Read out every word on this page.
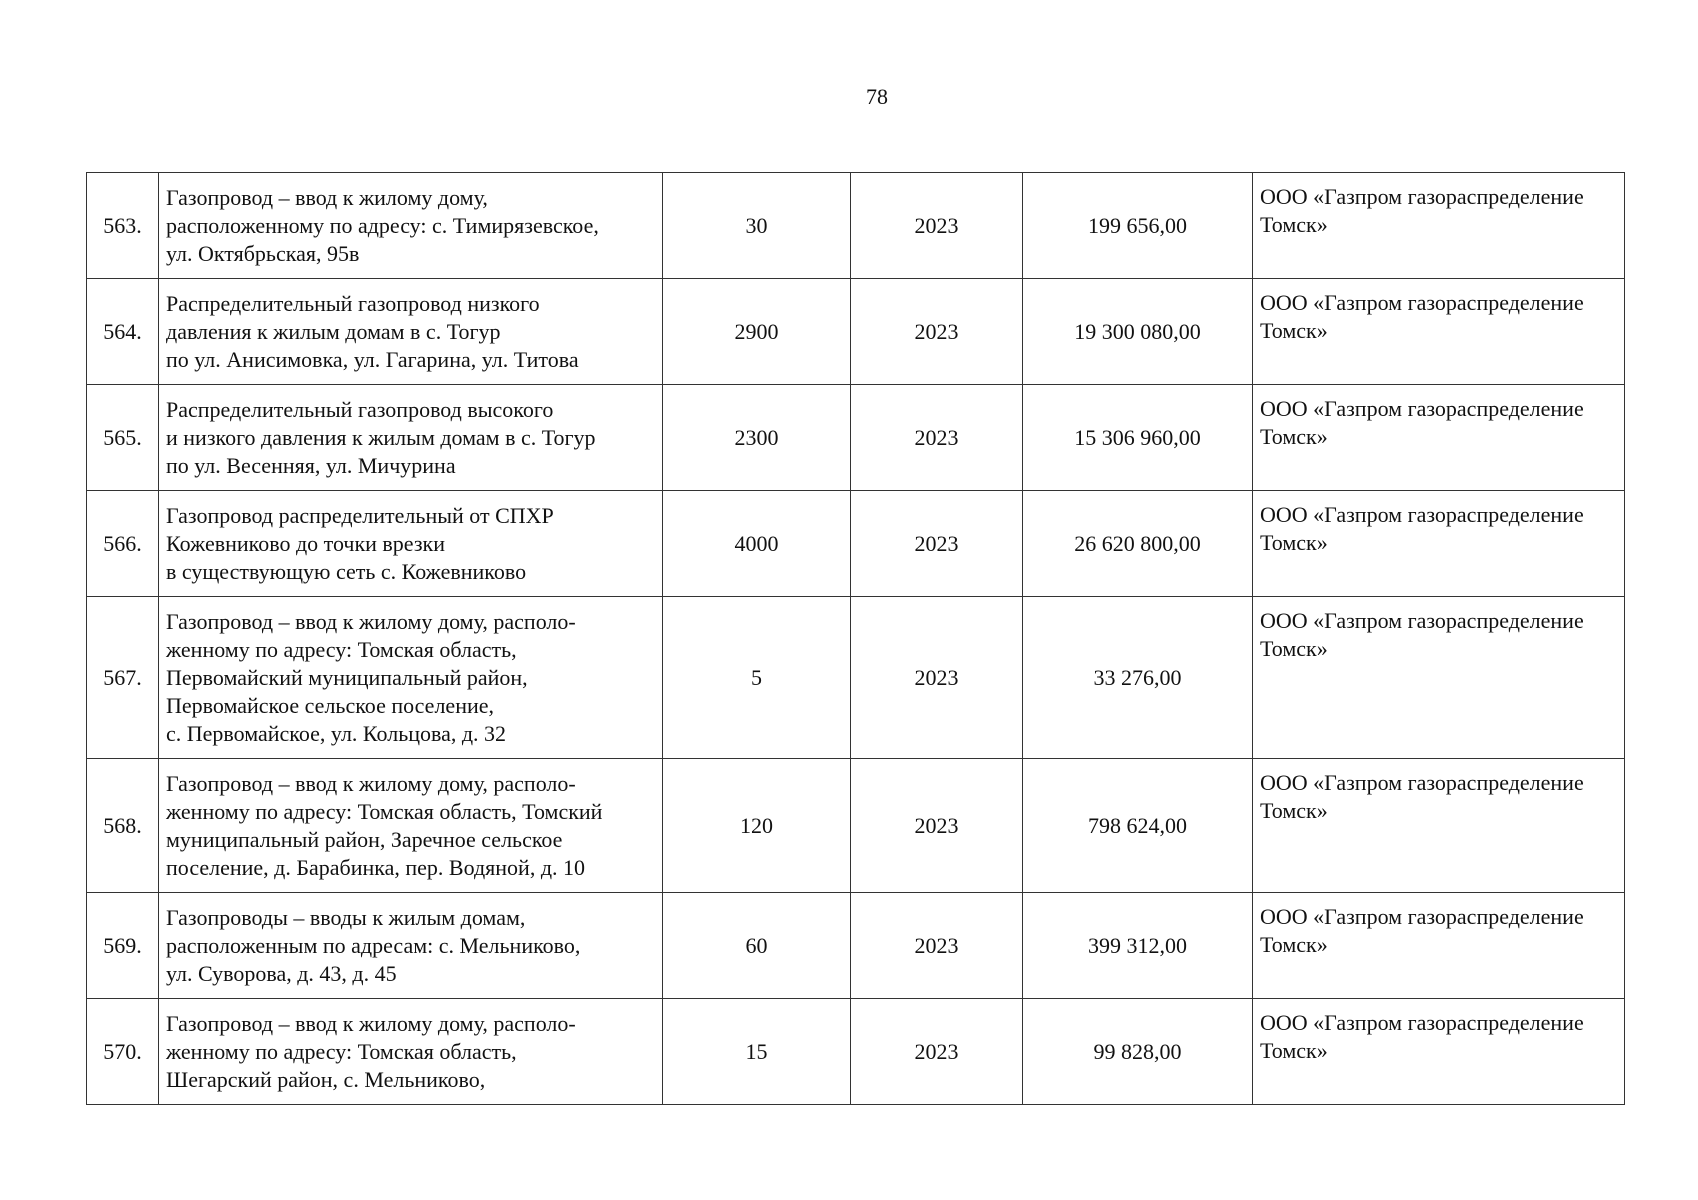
78
563.	Газопровод – ввод к жилому дому,
расположенному по адресу: с. Тимирязевское,
ул. Октябрьская, 95в	30	2023	199 656,00	ООО «Газпром газораспределение Томск»
564.	Распределительный газопровод низкого
давления к жилым домам в с. Тогур
по ул. Анисимовка, ул. Гагарина, ул. Титова	2900	2023	19 300 080,00	ООО «Газпром газораспределение Томск»
565.	Распределительный газопровод высокого
и низкого давления к жилым домам в с. Тогур
по ул. Весенняя, ул. Мичурина	2300	2023	15 306 960,00	ООО «Газпром газораспределение Томск»
566.	Газопровод распределительный от СПХР
Кожевниково до точки врезки
в существующую сеть с. Кожевниково	4000	2023	26 620 800,00	ООО «Газпром газораспределение Томск»
567.	Газопровод – ввод к жилому дому, располо-
женному по адресу: Томская область,
Первомайский муниципальный район,
Первомайское сельское поселение,
с. Первомайское, ул. Кольцова, д. 32	5	2023	33 276,00	ООО «Газпром газораспределение Томск»
568.	Газопровод – ввод к жилому дому, располо-
женному по адресу: Томская область, Томский
муниципальный район, Заречное сельское
поселение, д. Барабинка, пер. Водяной, д. 10	120	2023	798 624,00	ООО «Газпром газораспределение Томск»
569.	Газопроводы – вводы к жилым домам,
расположенным по адресам: с. Мельниково,
ул. Суворова, д. 43, д. 45	60	2023	399 312,00	ООО «Газпром газораспределение Томск»
570.	Газопровод – ввод к жилому дому, располо-
женному по адресу: Томская область,
Шегарский район, с. Мельниково,	15	2023	99 828,00	ООО «Газпром газораспределение Томск»
